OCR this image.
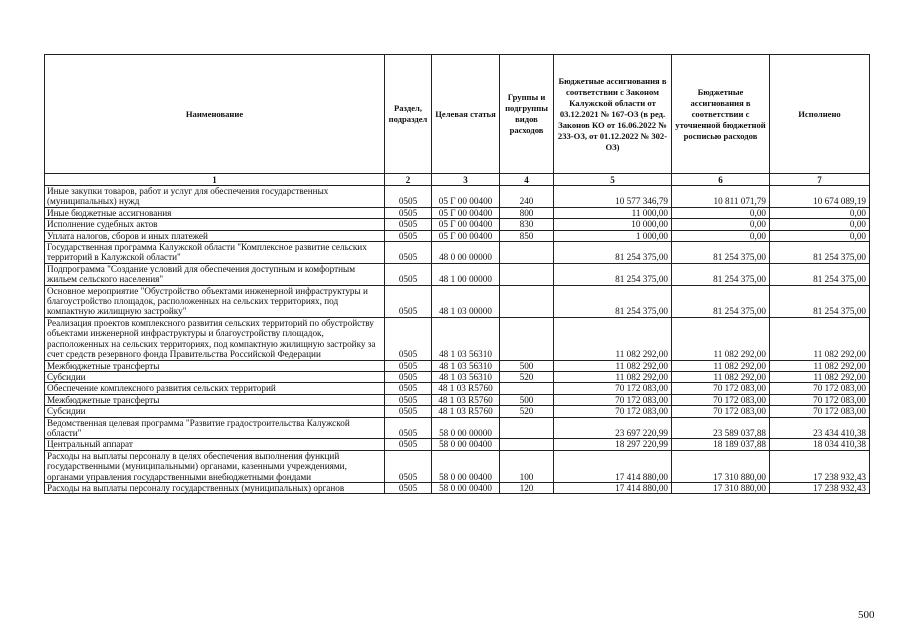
Наименование	Раздел, подраздел	Целевая статья	Группы и подгруппы видов расходов	Бюджетные ассигнования в соответствии с Законом Калужской области от 03.12.2021 № 167-ОЗ (в ред. Законов КО от 16.06.2022 № 233-ОЗ, от 01.12.2022 № 302-ОЗ)	Бюджетные ассигнования в соответствии с уточненной бюджетной росписью расходов	Исполнено
1	2	3	4	5	6	7
Иные закупки товаров, работ и услуг для обеспечения государственных (муниципальных) нужд	0505	05 Г 00 00400	240	10 577 346,79	10 811 071,79	10 674 089,19
Иные бюджетные ассигнования	0505	05 Г 00 00400	800	11 000,00	0,00	0,00
Исполнение судебных актов	0505	05 Г 00 00400	830	10 000,00	0,00	0,00
Уплата налогов, сборов и иных платежей	0505	05 Г 00 00400	850	1 000,00	0,00	0,00
Государственная программа Калужской области "Комплексное развитие сельских территорий в Калужской области"	0505	48 0 00 00000		81 254 375,00	81 254 375,00	81 254 375,00
Подпрограмма "Создание условий для обеспечения доступным и комфортным жильем сельского населения"	0505	48 1 00 00000		81 254 375,00	81 254 375,00	81 254 375,00
Основное мероприятие "Обустройство объектами инженерной инфраструктуры и благоустройство площадок, расположенных на сельских территориях, под компактную жилищную застройку"	0505	48 1 03 00000		81 254 375,00	81 254 375,00	81 254 375,00
Реализация проектов комплексного развития сельских территорий по обустройству объектами инженерной инфраструктуры и благоустройству площадок, расположенных на сельских территориях, под компактную жилищную застройку за счет средств резервного фонда Правительства Российской Федерации	0505	48 1 03 56310		11 082 292,00	11 082 292,00	11 082 292,00
Межбюджетные трансферты	0505	48 1 03 56310	500	11 082 292,00	11 082 292,00	11 082 292,00
Субсидии	0505	48 1 03 56310	520	11 082 292,00	11 082 292,00	11 082 292,00
Обеспечение комплексного развития сельских территорий	0505	48 1 03 R5760		70 172 083,00	70 172 083,00	70 172 083,00
Межбюджетные трансферты	0505	48 1 03 R5760	500	70 172 083,00	70 172 083,00	70 172 083,00
Субсидии	0505	48 1 03 R5760	520	70 172 083,00	70 172 083,00	70 172 083,00
Ведомственная целевая программа "Развитие градостроительства Калужской области"	0505	58 0 00 00000		23 697 220,99	23 589 037,88	23 434 410,38
Центральный аппарат	0505	58 0 00 00400		18 297 220,99	18 189 037,88	18 034 410,38
Расходы на выплаты персоналу в целях обеспечения выполнения функций государственными (муниципальными) органами, казенными учреждениями, органами управления государственными внебюджетными фондами	0505	58 0 00 00400	100	17 414 880,00	17 310 880,00	17 238 932,43
Расходы на выплаты персоналу государственных (муниципальных) органов	0505	58 0 00 00400	120	17 414 880,00	17 310 880,00	17 238 932,43
500
